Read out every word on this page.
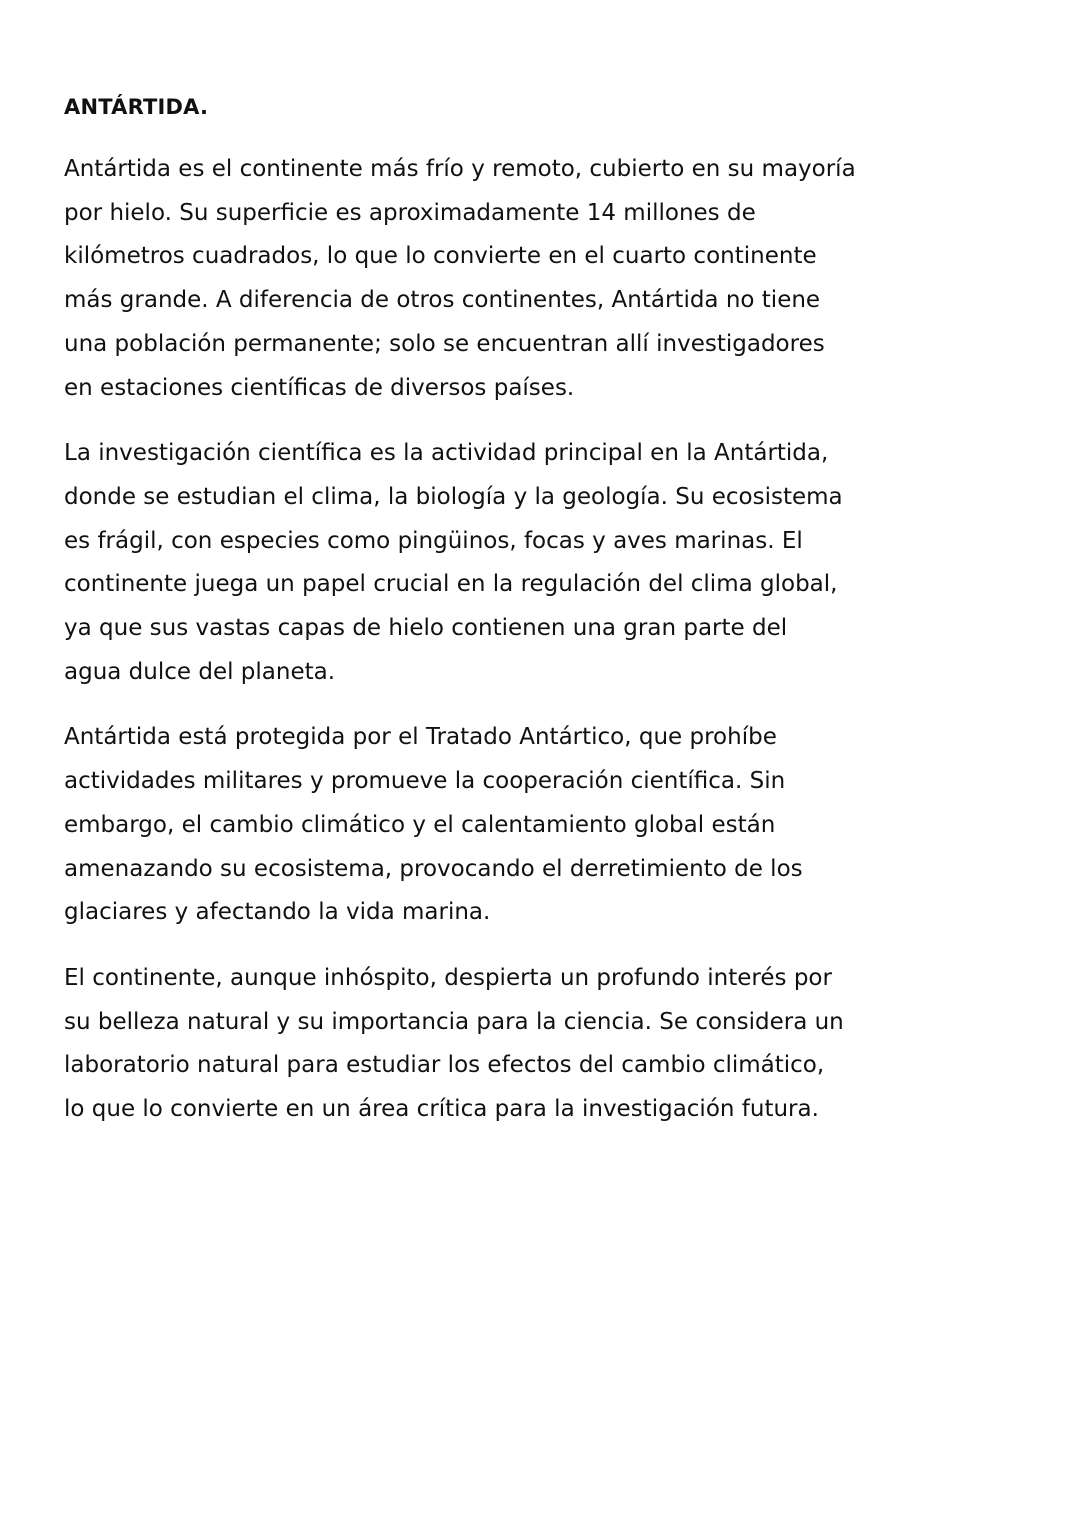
ANTÁRTIDA.

Antártida es el continente más frío y remoto, cubierto en su mayoría
por hielo. Su superficie es aproximadamente 14 millones de
kilómetros cuadrados, lo que lo convierte en el cuarto continente
más grande. A diferencia de otros continentes, Antártida no tiene
una población permanente; solo se encuentran allí investigadores
en estaciones científicas de diversos países.

La investigación científica es la actividad principal en la Antártida,
donde se estudian el clima, la biología y la geología. Su ecosistema
es frágil, con especies como pingüinos, focas y aves marinas. El
continente juega un papel crucial en la regulación del clima global,
ya que sus vastas capas de hielo contienen una gran parte del
agua dulce del planeta.

Antártida está protegida por el Tratado Antártico, que prohíbe
actividades militares y promueve la cooperación científica. Sin
embargo, el cambio climático y el calentamiento global están
amenazando su ecosistema, provocando el derretimiento de los
glaciares y afectando la vida marina.

El continente, aunque inhóspito, despierta un profundo interés por
su belleza natural y su importancia para la ciencia. Se considera un
laboratorio natural para estudiar los efectos del cambio climático,
lo que lo convierte en un área crítica para la investigación futura.
